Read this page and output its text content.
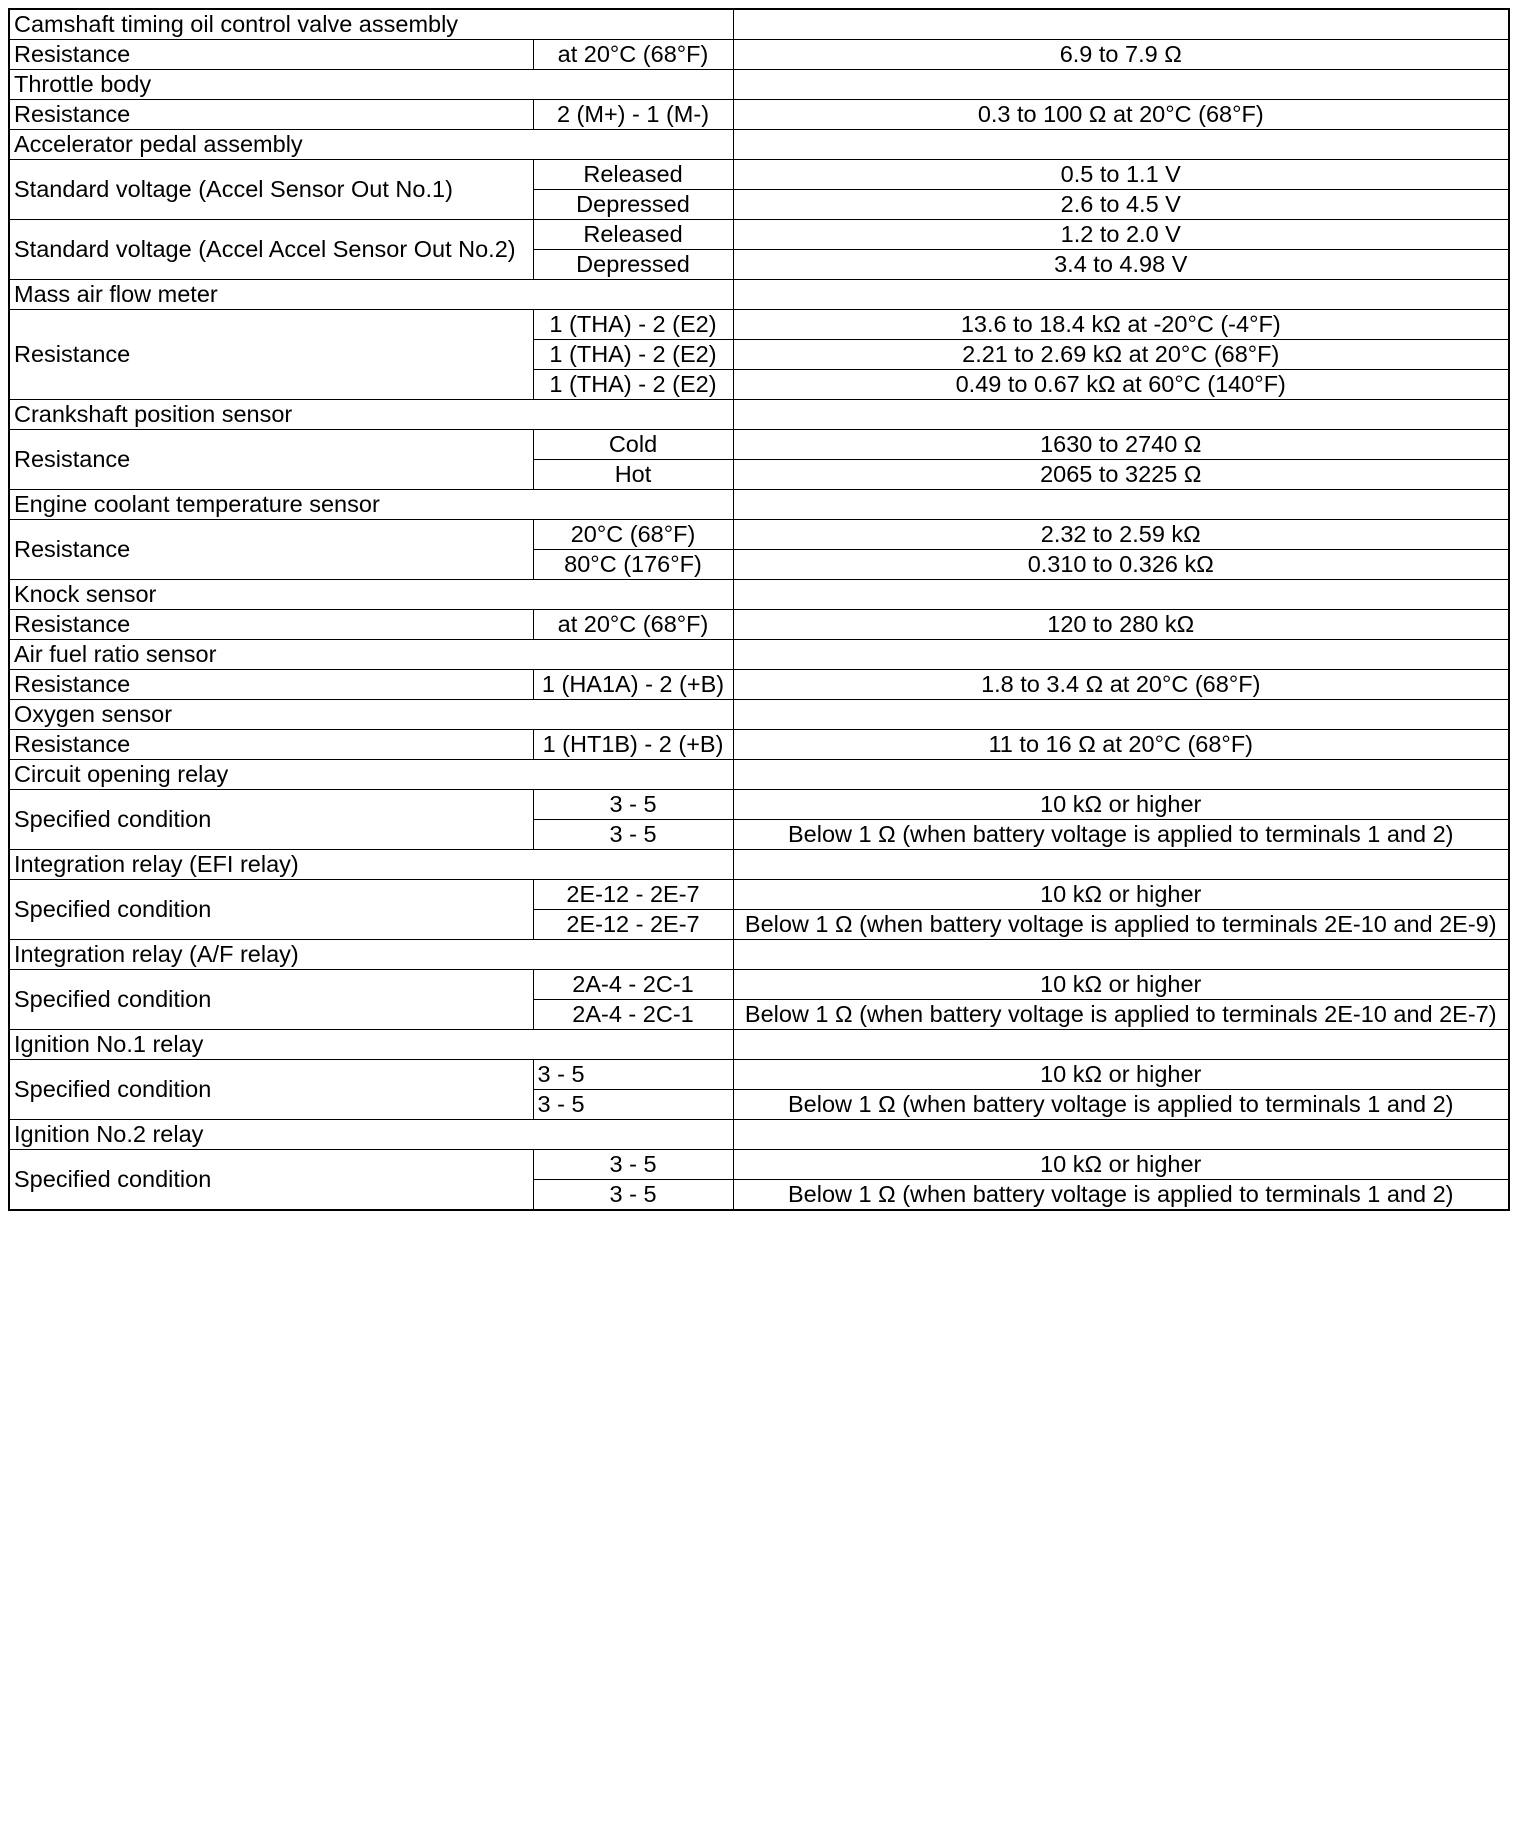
Camshaft timing oil control valve assembly		
Resistance	at 20°C (68°F)	6.9 to 7.9 Ω
Throttle body		
Resistance	2 (M+) - 1 (M-)	0.3 to 100 Ω at 20°C (68°F)
Accelerator pedal assembly		
Standard voltage (Accel Sensor Out No.1)	Released	0.5 to 1.1 V
	Depressed	2.6 to 4.5 V
Standard voltage (Accel Accel Sensor Out No.2)	Released	1.2 to 2.0 V
	Depressed	3.4 to 4.98 V
Mass air flow meter		
Resistance	1 (THA) - 2 (E2)	13.6 to 18.4 kΩ at -20°C (-4°F)
	1 (THA) - 2 (E2)	2.21 to 2.69 kΩ at 20°C (68°F)
	1 (THA) - 2 (E2)	0.49 to 0.67 kΩ at 60°C (140°F)
Crankshaft position sensor		
Resistance	Cold	1630 to 2740 Ω
	Hot	2065 to 3225 Ω
Engine coolant temperature sensor		
Resistance	20°C (68°F)	2.32 to 2.59 kΩ
	80°C (176°F)	0.310 to 0.326 kΩ
Knock sensor		
Resistance	at 20°C (68°F)	120 to 280 kΩ
Air fuel ratio sensor		
Resistance	1 (HA1A) - 2 (+B)	1.8 to 3.4 Ω at 20°C (68°F)
Oxygen sensor		
Resistance	1 (HT1B) - 2 (+B)	11 to 16 Ω at 20°C (68°F)
Circuit opening relay		
Specified condition	3 - 5	10 kΩ or higher
	3 - 5	Below 1 Ω (when battery voltage is applied to terminals 1 and 2)
Integration relay (EFI relay)		
Specified condition	2E-12 - 2E-7	10 kΩ or higher
	2E-12 - 2E-7	Below 1 Ω (when battery voltage is applied to terminals 2E-10 and 2E-9)
Integration relay (A/F relay)		
Specified condition	2A-4 - 2C-1	10 kΩ or higher
	2A-4 - 2C-1	Below 1 Ω (when battery voltage is applied to terminals 2E-10 and 2E-7)
Ignition No.1 relay		
Specified condition	3 - 5	10 kΩ or higher
	3 - 5	Below 1 Ω (when battery voltage is applied to terminals 1 and 2)
Ignition No.2 relay		
Specified condition	3 - 5	10 kΩ or higher
	3 - 5	Below 1 Ω (when battery voltage is applied to terminals 1 and 2)
